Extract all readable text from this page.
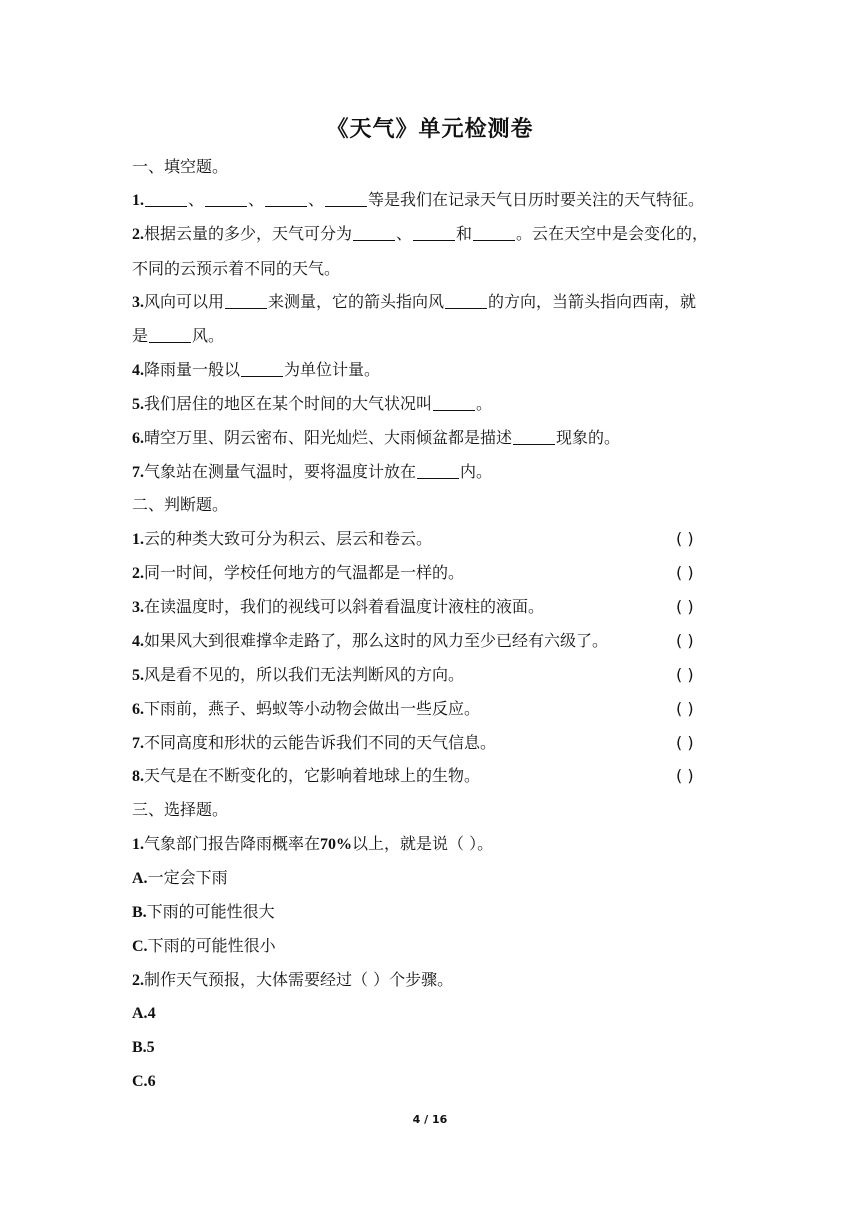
《天气》单元检测卷
一、填空题。
1.	、	、	、	等是我们在记录天气日历时要关注的天气特征。
2.根据云量的多少，天气可分为	、	和	。云在天空中是会变化的，
不同的云预示着不同的天气。
3.风向可以用	来测量，它的箭头指向风	的方向，当箭头指向西南，就
是	风。
4.降雨量一般以	为单位计量。
5.我们居住的地区在某个时间的大气状况叫	。
6.晴空万里、阴云密布、阳光灿烂、大雨倾盆都是描述	现象的。
7.气象站在测量气温时，要将温度计放在	内。
二、判断题。
1.云的种类大致可分为积云、层云和卷云。	( )
2.同一时间，学校任何地方的气温都是一样的。	( )
3.在读温度时，我们的视线可以斜着看温度计液柱的液面。	( )
4.如果风大到很难撑伞走路了，那么这时的风力至少已经有六级了。	( )
5.风是看不见的，所以我们无法判断风的方向。	( )
6.下雨前，燕子、蚂蚁等小动物会做出一些反应。	( )
7.不同高度和形状的云能告诉我们不同的天气信息。	( )
8.天气是在不断变化的，它影响着地球上的生物。	( )
三、选择题。
1.气象部门报告降雨概率在70%以上，就是说（ ）。
A.一定会下雨
B.下雨的可能性很大
C.下雨的可能性很小
2.制作天气预报，大体需要经过（ ）个步骤。
A.4
B.5
C.6
4 / 16
